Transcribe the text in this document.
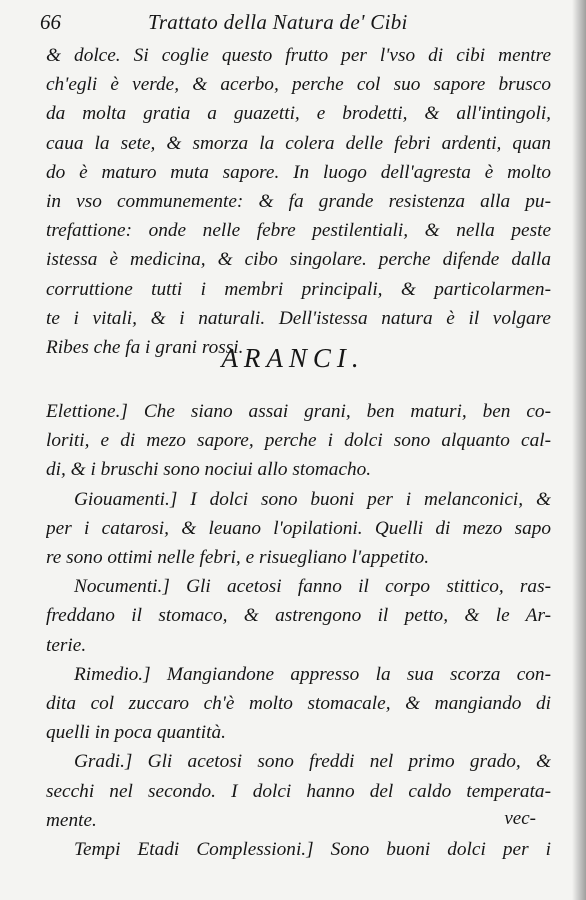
66	Trattato della Natura de' Cibi
& dolce. Si coglie questo frutto per l'vso di cibi mentre
ch'egli è verde, & acerbo, perche col suo sapore brusco
da molta gratia a guazetti, e brodetti, & all'intingoli,
caua la sete, & smorza la colera delle febri ardenti, quan
do è maturo muta sapore. In luogo dell'agresta è molto
in vso communemente: & fa grande resistenza alla pu-
trefattione: onde nelle febre pestilentiali, & nella peste
istessa è medicina, & cibo singolare. perche difende dalla
corruttione tutti i membri principali, & particolarmen-
te i vitali, & i naturali. Dell'istessa natura è il volgare
Ribes che fa i grani rossi.
ARANCI.
Elettione.] Che siano assai grani, ben maturi, ben co-
loriti, e di mezo sapore, perche i dolci sono alquanto cal-
di, & i bruschi sono nociui allo stomacho.
Giouamenti.] I dolci sono buoni per i melanconici, &
per i catarosi, & leuano l'opilationi. Quelli di mezo sapo
re sono ottimi nelle febri, e risuegliano l'appetito.
Nocumenti.] Gli acetosi fanno il corpo stittico, ras-
freddano il stomaco, & astrengono il petto, & le Ar-
terie.
Rimedio.] Mangiandone appresso la sua scorza con-
dita col zuccaro ch'è molto stomacale, & mangiando di
quelli in poca quantità.
Gradi.] Gli acetosi sono freddi nel primo grado, &
secchi nel secondo. I dolci hanno del caldo temperata-
mente.
Tempi Etadi Complessioni.] Sono buoni dolci per i
vec-
